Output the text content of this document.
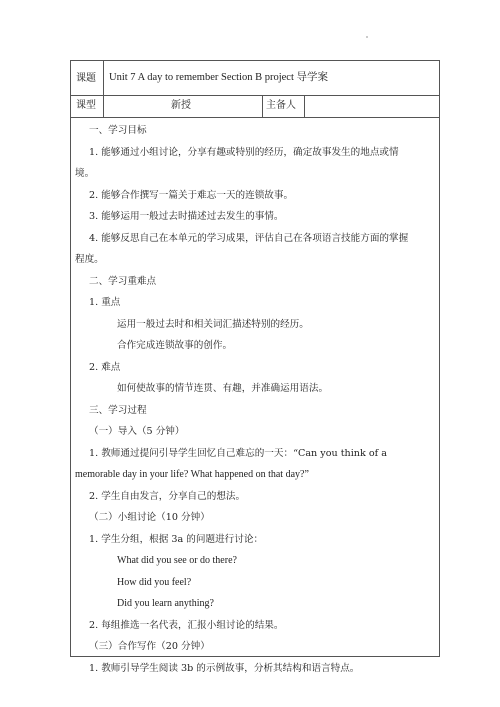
课题 Unit 7 A day to remember Section B project 导学案
课型	新授	主备人
一、学习目标
1. 能够通过小组讨论，分享有趣或特别的经历，确定故事发生的地点或情
境。
2. 能够合作撰写一篇关于难忘一天的连锁故事。
3. 能够运用一般过去时描述过去发生的事情。
4. 能够反思自己在本单元的学习成果，评估自己在各项语言技能方面的掌握
程度。
二、学习重难点
1. 重点
运用一般过去时和相关词汇描述特别的经历。
合作完成连锁故事的创作。
2. 难点
如何使故事的情节连贯、有趣，并准确运用语法。
三、学习过程
（一）导入（5 分钟）
1. 教师通过提问引导学生回忆自己难忘的一天：“Can you think of a
memorable day in your life? What happened on that day?”
2. 学生自由发言，分享自己的想法。
（二）小组讨论（10 分钟）
1. 学生分组，根据 3a 的问题进行讨论：
What did you see or do there?
How did you feel?
Did you learn anything?
2. 每组推选一名代表，汇报小组讨论的结果。
（三）合作写作（20 分钟）
1. 教师引导学生阅读 3b 的示例故事，分析其结构和语言特点。
